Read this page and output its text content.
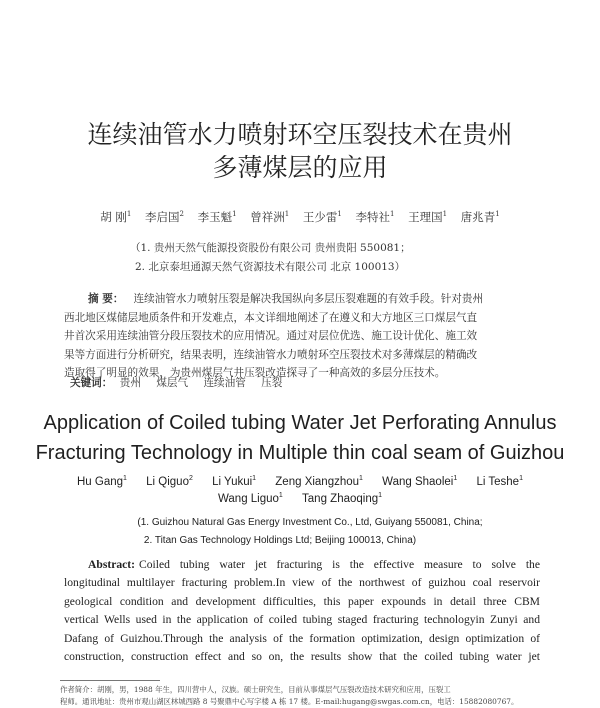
连续油管水力喷射环空压裂技术在贵州
多薄煤层的应用
胡 刚$^1$ 李启国$^2$ 李玉魁$^1$ 曾祥洲$^1$ 王少雷$^1$ 李特社$^1$ 王理国$^1$ 唐兆青$^1$
（1. 贵州天然气能源投资股份有限公司 贵州贵阳 550081；
2. 北京泰坦通源天然气资源技术有限公司 北京 100013）
摘 要： 连续油管水力喷射压裂是解决我国纵向多层压裂难题的有效手段。针对贵州
西北地区煤储层地质条件和开发难点，本文详细地阐述了在遵义和大方地区三口煤层气直
井首次采用连续油管分段压裂技术的应用情况。通过对层位优选、施工设计优化、施工效
果等方面进行分析研究，结果表明，连续油管水力喷射环空压裂技术对多薄煤层的精确改
造取得了明显的效果，为贵州煤层气井压裂改造探寻了一种高效的多层分压技术。
关键词： 贵州 煤层气 连续油管 压裂
Application of Coiled tubing Water Jet Perforating Annulus
Fracturing Technology in Multiple thin coal seam of Guizhou
Hu Gang$^1$ Li Qiguo$^2$ Li Yukui$^1$ Zeng Xiangzhou$^1$ Wang Shaolei$^1$ Li Teshe$^1$
Wang Liguo$^1$ Tang Zhaoqing$^1$
(1. Guizhou Natural Gas Energy Investment Co., Ltd, Guiyang 550081, China;
2. Titan Gas Technology Holdings Ltd; Beijing 100013, China)
Abstract: Coiled tubing water jet fracturing is the effective measure to solve the
longitudinal multilayer fracturing problem.In view of the northwest of guizhou coal reservoir
geological condition and development difficulties, this paper expounds in detail three CBM
vertical Wells used in the application of coiled tubing staged fracturing technologyin Zunyi and
Dafang of Guizhou.Through the analysis of the formation optimization, design optimization of
construction, construction effect and so on, the results show that the coiled tubing water jet
作者简介：胡刚，男，1988 年生，四川营中人，汉族。硕士研究生，目前从事煤层气压裂改造技术研究和应用，压裂工
程师。通讯地址：贵州市观山湖区林城西路 8 号聚鼎中心写字楼 A 栋 17 楼。E-mail:hugang@swgas.com.cn，电话：15882080767。
